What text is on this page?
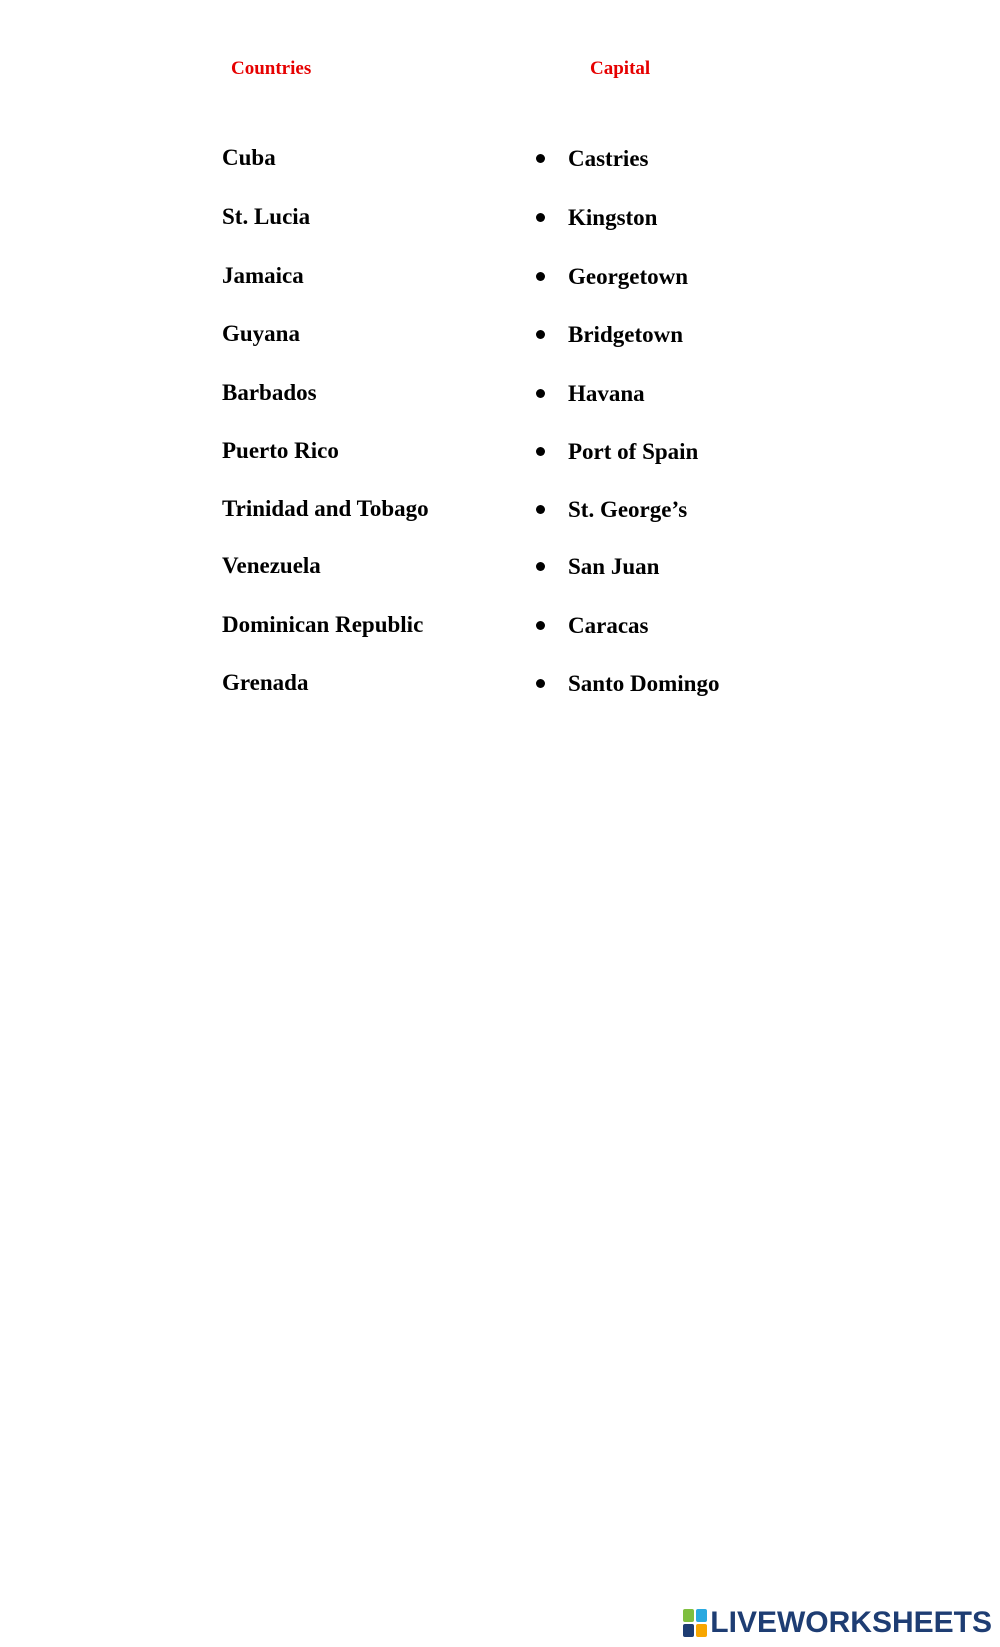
Countries	Capital
Cuba
St. Lucia
Jamaica
Guyana
Barbados
Puerto Rico
Trinidad and Tobago
Venezuela
Dominican Republic
Grenada
Castries
Kingston
Georgetown
Bridgetown
Havana
Port of Spain
St. George’s
San Juan
Caracas
Santo Domingo
LIVEWORKSHEETS
